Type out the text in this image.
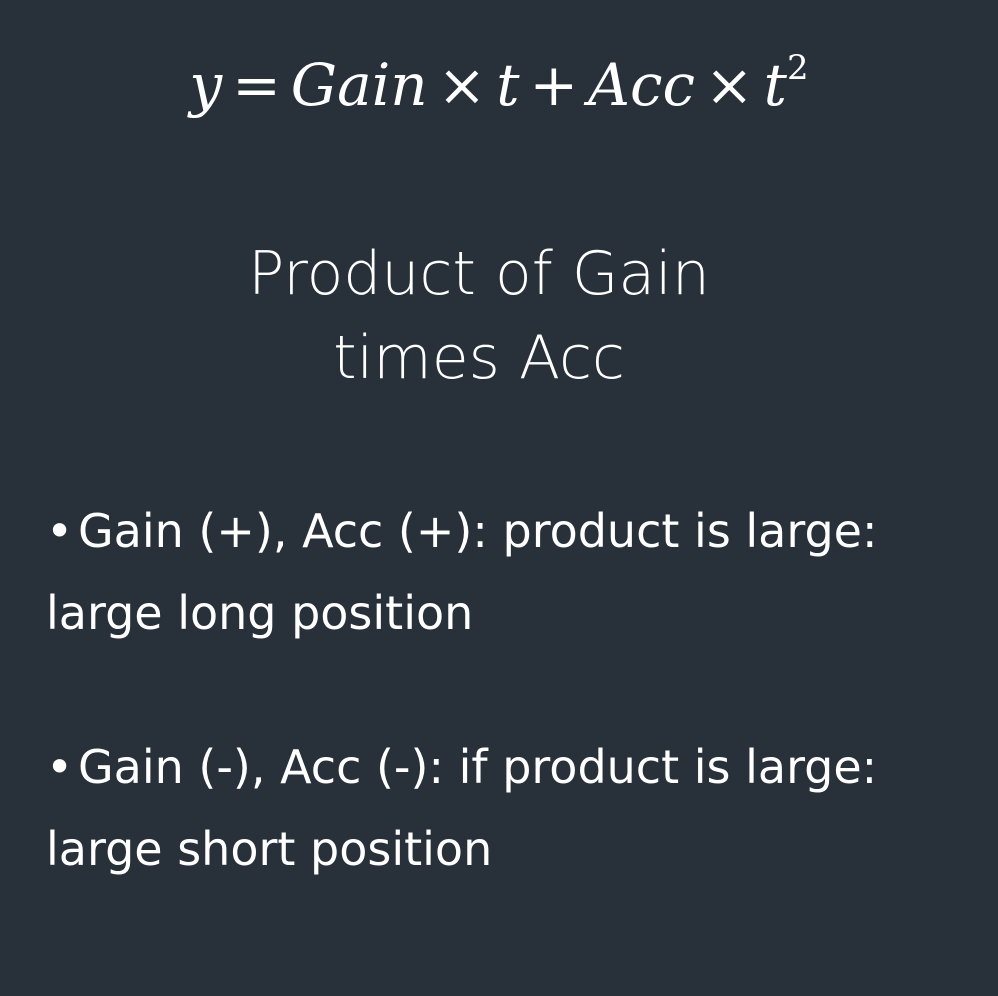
y = Gain × t + Acc × $t^2$
Product of Gain
times Acc
• Gain (+), Acc (+): product is large:
large long position
• Gain (-), Acc (-): if product is large:
large short position
